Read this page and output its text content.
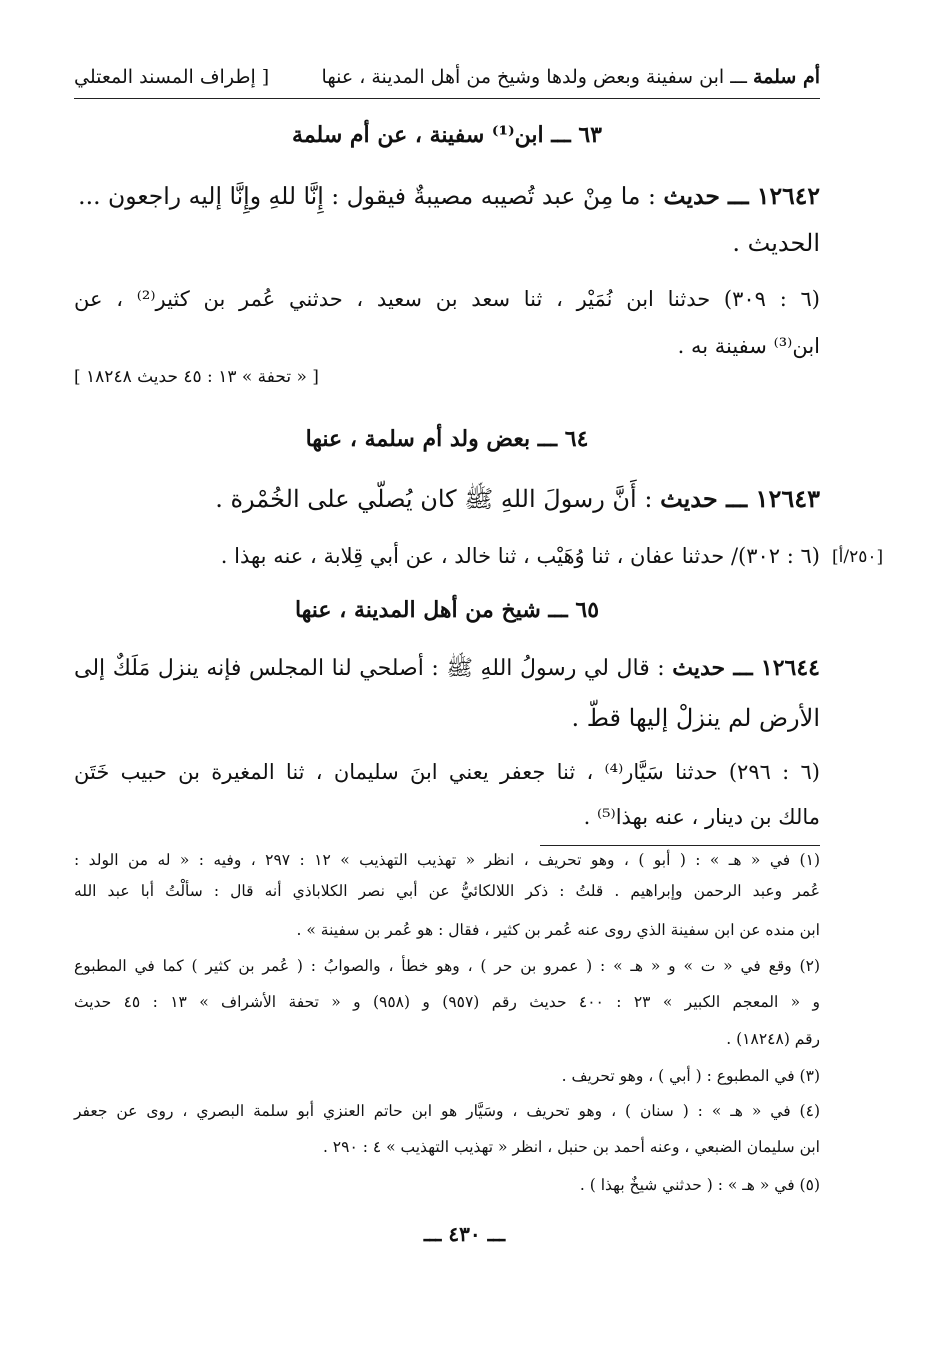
أم سلمة ـــ ابن سفينة وبعض ولدها وشيخ من أهل المدينة ، عنها
[ إطراف المسند المعتلي
٦٣ ـــ ابن⁽¹⁾ سفينة ، عن أم سلمة
١٢٦٤٢ ـــ حديث : ما مِنْ عبد تُصيبه مصيبةٌ فيقول : إِنَّا للهِ وإِنَّا إليه راجعون ...
الحديث .
(٦ : ٣٠٩) حدثنا ابن نُمَيْر ، ثنا سعد بن سعيد ، حدثني عُمر بن كثير⁽²⁾ ، عن
ابن⁽³⁾ سفينة به .
[ « تحفة » ١٣ : ٤٥ حديث ١٨٢٤٨ ]
٦٤ ـــ بعض ولد أم سلمة ، عنها
١٢٦٤٣ ـــ حديث : أَنَّ رسولَ اللهِ ﷺ كان يُصلّي على الخُمْرة .
(٦ : ٣٠٢)/ حدثنا عفان ، ثنا وُهَيْب ، ثنا خالد ، عن أبي قِلابة ، عنه بهذا . [٢٥٠/أ]
٦٥ ـــ شيخ من أهل المدينة ، عنها
١٢٦٤٤ ـــ حديث : قال لي رسولُ اللهِ ﷺ : أصلحي لنا المجلس فإنه ينزل مَلَكٌ إلى
الأرض لم ينزلْ إليها قطّ .
(٦ : ٢٩٦) حدثنا سَيَّار⁽⁴⁾ ، ثنا جعفر يعني ابنَ سليمان ، ثنا المغيرة بن حبيب خَتَن
مالك بن دينار ، عنه بهذا⁽⁵⁾ .
(١) في « هـ » : ( أبو ) ، وهو تحريف ، انظر « تهذيب التهذيب » ١٢ : ٢٩٧ ، وفيه : « له من الولد :
عُمر وعبد الرحمن وإبراهيم . قلتُ : ذكر اللالكائيُّ عن أبي نصر الكلاباذي أنه قال : سألْتُ أبا عبد الله
ابن منده عن ابن سفينة الذي روى عنه عُمر بن كثير ، فقال : هو عُمر بن سفينة » .
(٢) وقع في « ت » و « هـ » : ( عمرو بن حر ) ، وهو خطأ ، والصوابُ : ( عُمر بن كثير ) كما في المطبوع
و « المعجم الكبير » ٢٣ : ٤٠٠ حديث رقم (٩٥٧) و (٩٥٨) و « تحفة الأشراف » ١٣ : ٤٥ حديث
رقم (١٨٢٤٨) .
(٣) في المطبوع : ( أبي ) ، وهو تحريف .
(٤) في « هـ » : ( سنان ) ، وهو تحريف ، وسَيَّار هو ابن حاتم العنزي أبو سلمة البصري ، روى عن جعفر
ابن سليمان الضبعي ، وعنه أحمد بن حنبل ، انظر « تهذيب التهذيب » ٤ : ٢٩٠ .
(٥) في « هـ » : ( حدثني شيخٌ بهذا ) .
ـــ ٤٣٠ ـــ
